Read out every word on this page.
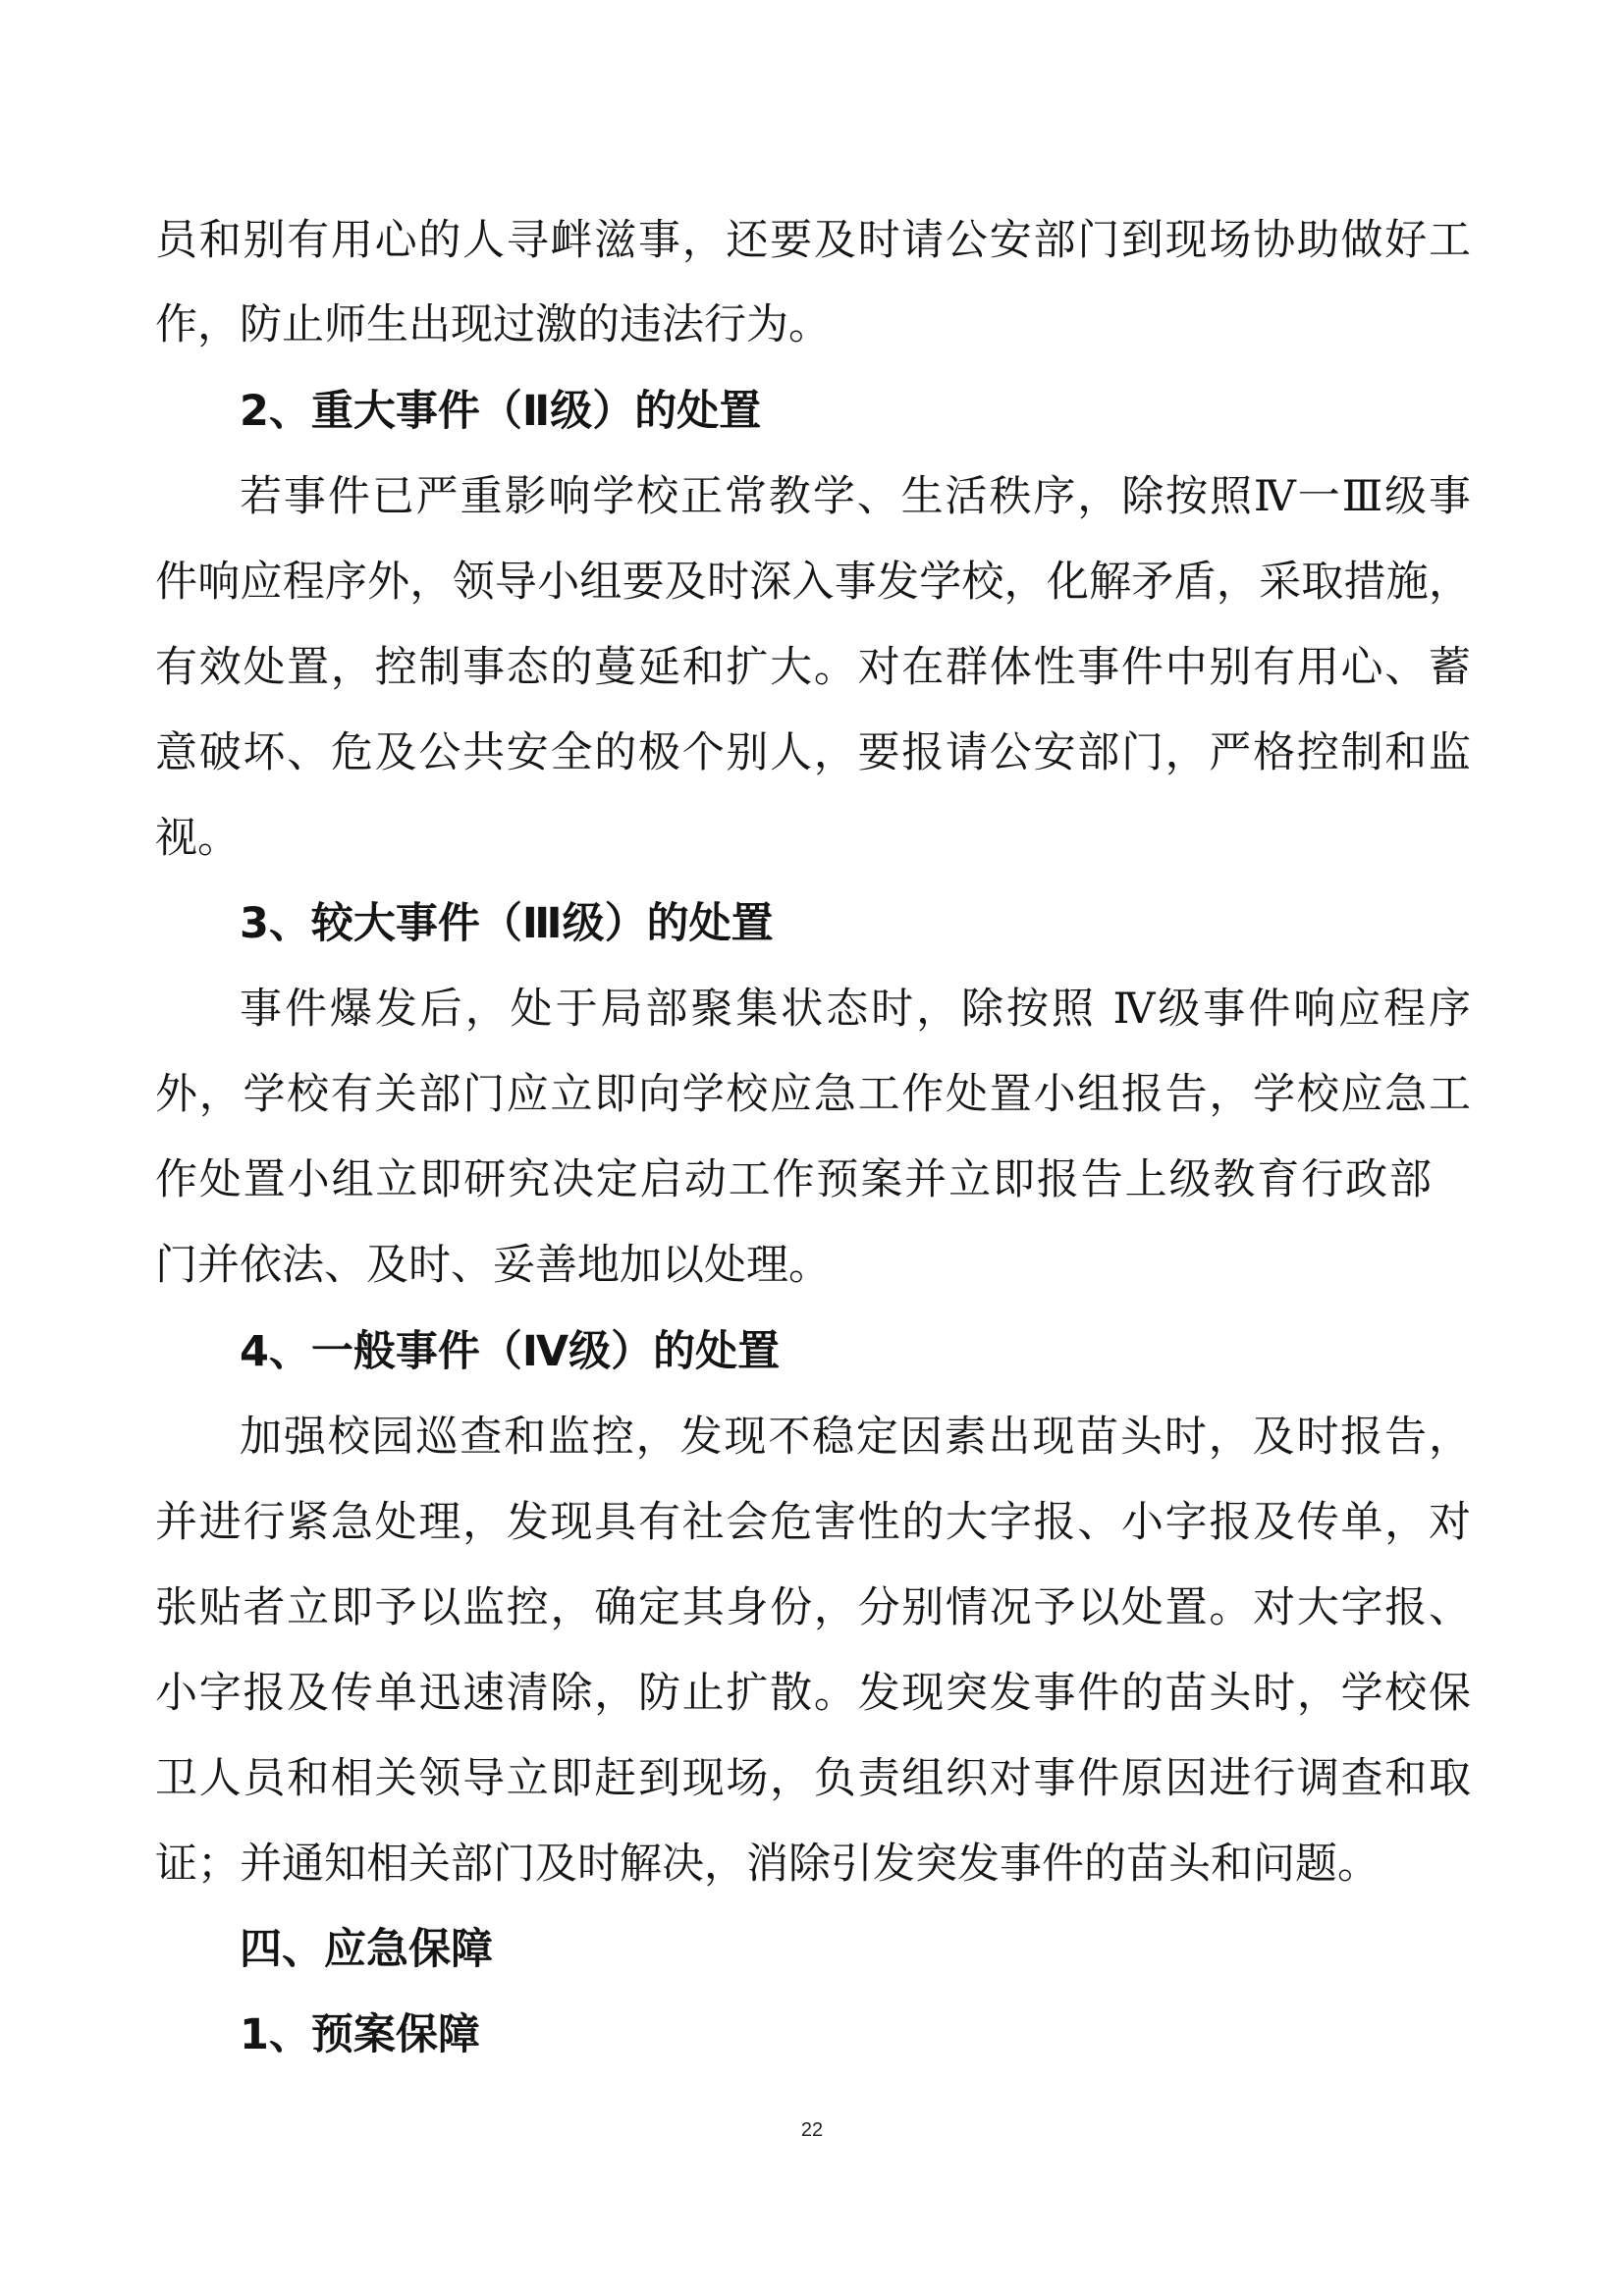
员和别有用心的人寻衅滋事，还要及时请公安部门到现场协助做好工
作，防止师生出现过激的违法行为。
2、重大事件（Ⅱ级）的处置
若事件已严重影响学校正常教学、生活秩序，除按照Ⅳ一Ⅲ级事
件响应程序外，领导小组要及时深入事发学校，化解矛盾，采取措施，
有效处置，控制事态的蔓延和扩大。对在群体性事件中别有用心、蓄
意破坏、危及公共安全的极个别人，要报请公安部门，严格控制和监
视。
3、较大事件（Ⅲ级）的处置
事件爆发后，处于局部聚集状态时，除按照 Ⅳ级事件响应程序
外，学校有关部门应立即向学校应急工作处置小组报告，学校应急工
作处置小组立即研究决定启动工作预案并立即报告上级教育行政部
门并依法、及时、妥善地加以处理。
4、一般事件（Ⅳ级）的处置
加强校园巡查和监控，发现不稳定因素出现苗头时，及时报告，
并进行紧急处理，发现具有社会危害性的大字报、小字报及传单，对
张贴者立即予以监控，确定其身份，分别情况予以处置。对大字报、
小字报及传单迅速清除，防止扩散。发现突发事件的苗头时，学校保
卫人员和相关领导立即赶到现场，负责组织对事件原因进行调查和取
证；并通知相关部门及时解决，消除引发突发事件的苗头和问题。
四、应急保障
1、预案保障
22
